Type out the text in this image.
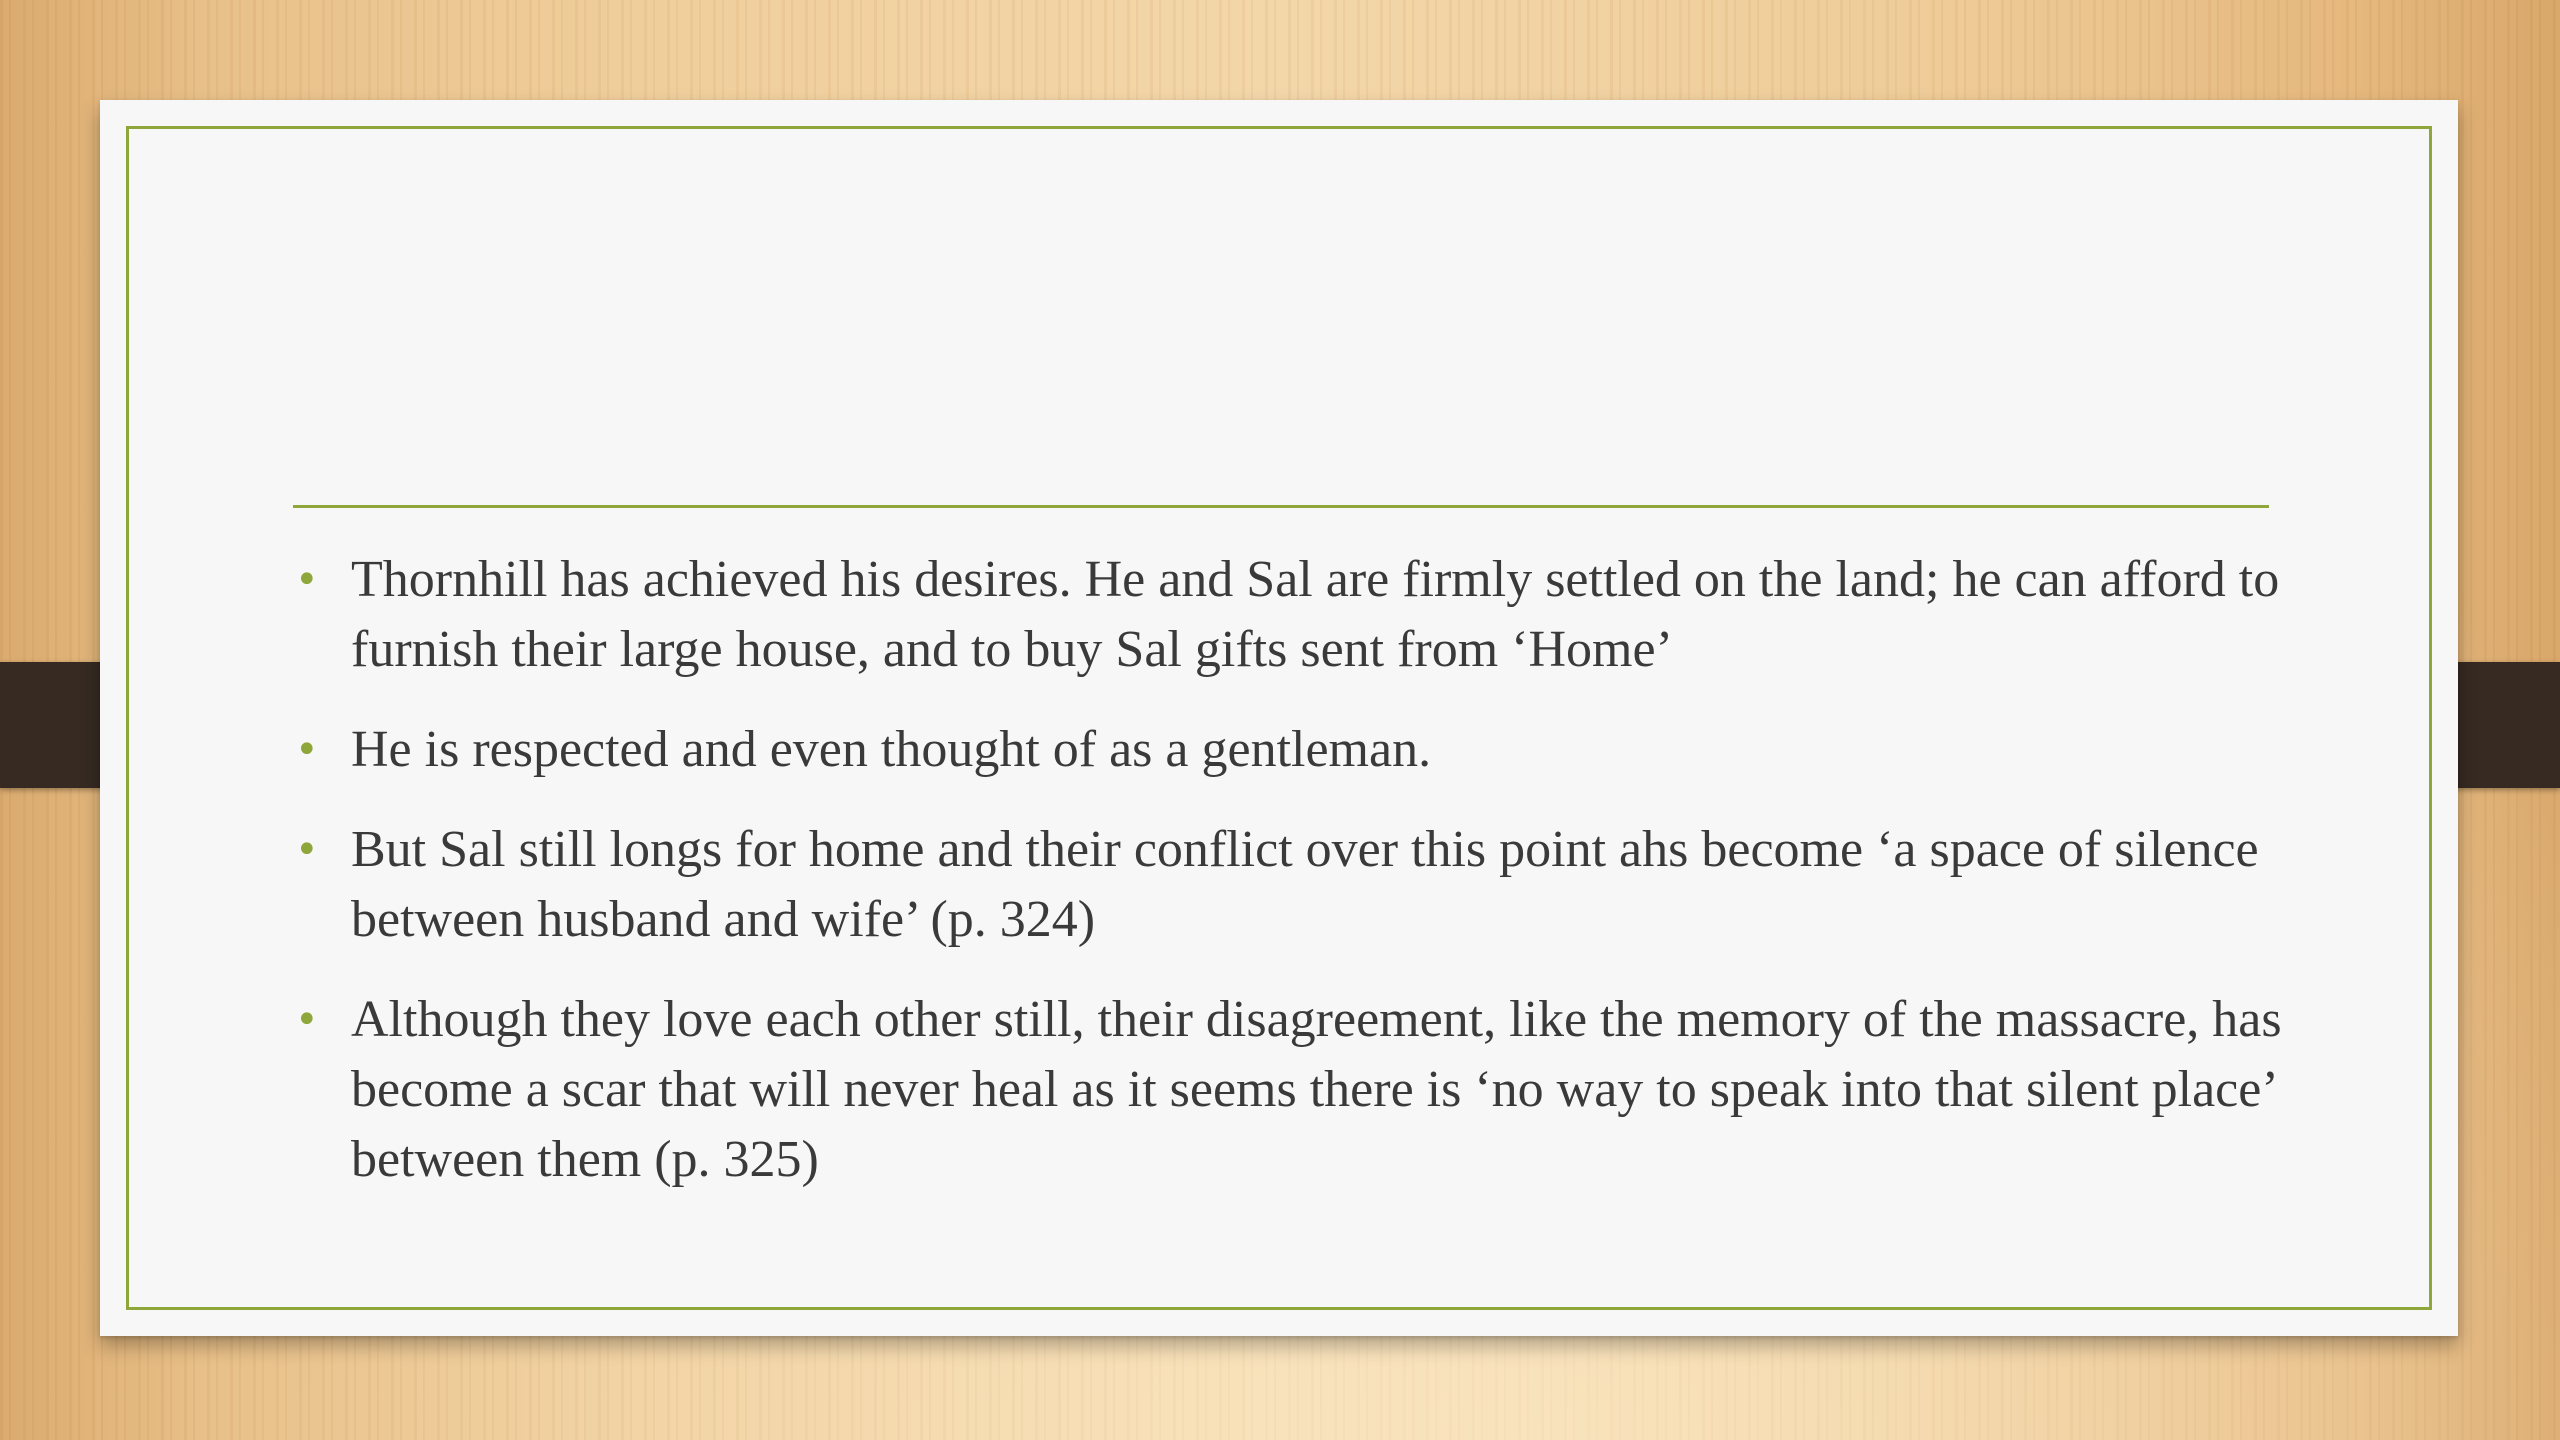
• Thornhill has achieved his desires. He and Sal are firmly settled on the land; he can afford to furnish their large house, and to buy Sal gifts sent from ‘Home’
• He is respected and even thought of as a gentleman.
• But Sal still longs for home and their conflict over this point ahs become ‘a space of silence between husband and wife’ (p. 324)
• Although they love each other still, their disagreement, like the memory of the massacre, has become a scar that will never heal as it seems there is ‘no way to speak into that silent place’ between them (p. 325)
